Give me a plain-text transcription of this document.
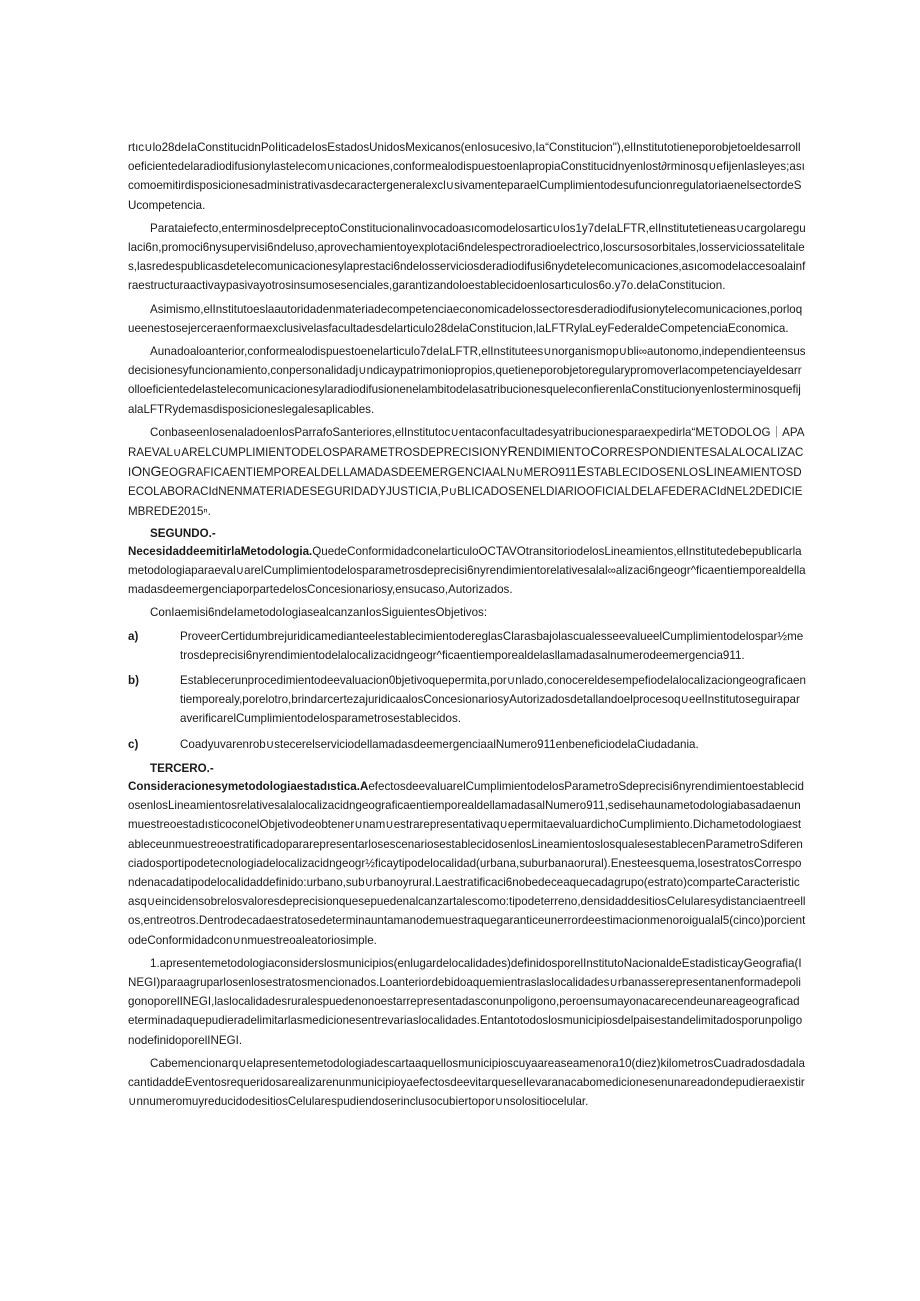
rtıc∪lo28deIaConstitucidnPoIiticadeIosEstadosUnidosMexicanos(enIosucesivo,Ia“Constitucion"),elInstitutotieneporobjetoeldesarrolloeficientedelaradiodifusionylastelecom∪nicaciones,conformealodispuestoenlapropiaConstitucidnyenlost∂rminosq∪efijenlasleyes;asıcomoemitirdisposicionesadministrativasdecaractergeneralexcl∪sivamenteparaelCumplimientodesufuncionregulatoriaenelsectordeSUcompetencia.

Parataiefecto,enterminosdelpreceptoConstitucionalinvocadoasıcomodelosartic∪los1y7deIaLFTR,elInstitutetieneas∪cargolaregulaci6n,promoci6nysupervisi6ndeluso,aprovechamientoyexplotaci6ndelespectroradioelectrico,loscursosorbitales,losserviciossatelitales,lasredespublicasdetelecomunicacionesylaprestaci6ndelosserviciosderadiodifusi6nydetelecomunicaciones,asıcomodelaccesoalainfraestructuraactivaypasivayotrosinsumosesenciales,garantizandoloestablecidoenlosartıculos6o.y7o.delaConstitucion.

Asimismo,elInstitutoeslaautoridadenmateriadecompetenciaeconomicadelossectoresderadiodifusionytelecomunicaciones,porloqueenestosejerceraenformaexclusivelasfacultadesdelarticulo28delaConstitucion,laLFTRylaLeyFederaldeCompetenciaEconomica.

Aunadoaloanterior,conformealodispuestoenelarticulo7deIaLFTR,elInstitutees∪norganismop∪bli∞autonomo,independienteensusdecisionesyfuncionamiento,conpersonalidadj∪ndicaypatrimoniopropios,quetieneporobjetoregularypromoverlacompetenciayeldesarrolloeficientedelastelecomunicacionesylaradiodifusionenelambitodelasatribucionesqueleconfierenlaConstitucionyenlosterminosquefijalaLFTRydemasdisposicioneslegalesaplicables.

ConbaseenIosenaladoenIosParrafoSanteriores,elInstitutoc∪entaconfacultadesyatribucionesparaexpedirla“METODOLOG｜APARAEVAL∪ARELCUMPLIMIENTODELOSPARAMETROSDEPRECISIONYRENDIMIENTOCORRESPONDIENTESALALOCALIZACIONGEOGRAFICAENTIEMPOREALDELLAMADASDEEMERGENCIAALN∪MERO911ESTABLECIDOSENLOSLINEAMIENTOSDECOLABORACIdNENMATERIADESEGURIDADYJUSTICIA,P∪BLICADOSENELDIARIOOFICIALDELAFEDERACIdNEL2DEDICIEMBREDE2015ⁿ.

SEGUNDO.-

NecesidaddeemitirlaMetodologia.QuedeConformidadconelarticuloOCTAVOtransitoriodelosLineamientos,elInstitutedebepublicarlametodologiaparaeval∪arelCumplimientodelosparametrosdeprecisi6nyrendimientorelativesalal∞alizaci6ngeogr^ficaentiemporealdellamadasdeemergenciaporpartedelosConcesionariosy,ensucaso,Autorizados.

ConIaemisi6ndeIametodoIogiasealcanzanIosSiguientesObjetivos:

a)	ProveerCertidumbrejuridicamedianteelestablecimientodereglasClarasbajolascualesseevalueelCumplimientodelospar½metrosdeprecisi6nyrendimientodelalocalizacidngeogr^ficaentiemporealdelasllamadasalnumerodeemergencia911.
b)	Establecerunprocedimientodeevaluacion0bjetivoquepermita,por∪nlado,conocereldesempefiodelalocalizaciongeograficaentiemporealy,porelotro,brindarcertezajuridicaalosConcesionariosyAutorizadosdetallandoelprocesoq∪eelInstitutoseguiraparaverificarelCumplimientodelosparametrosestablecidos.
c)	Coadyuvarenrob∪stecerelserviciodellamadasdeemergenciaalNumero911enbeneficiodelaCiudadania.
TERCERO.-

Consideracionesymetodologiaestadıstica.AefectosdeevaluarelCumplimientodelosParametroSdeprecisi6nyrendimientoestablecidosenlosLineamientosrelativesalalocalizacidngeograficaentiemporealdellamadasalNumero911,sedisehaunametodologiabasadaenunmuestreoestadısticoconelObjetivodeobtener∪nam∪estrarepresentativaq∪epermitaevaluardichoCumplimiento.DichametodologiaestableceunmuestreoestratificadopararepresentarlosescenariosestablecidosenlosLineamientoslosqualesestablecenParametroSdiferenciadosportipodetecnologiadelocalizacidngeogr½ficaytipodelocalidad(urbana,suburbanaorural).Enesteesquema,losestratosCorrespondenacadatipodelocalidaddefinido:urbano,sub∪rbanoyrural.Laestratificaci6nobedeceaquecadagrupo(estrato)comparteCaracteristicasq∪eincidensobrelosvaloresdeprecisionquesepuedenalcanzartalescomo:tipodeterreno,densidaddesitiosCelularesydistanciaentreellos,entreotros.Dentrodecadaestratosedeterminauntamanodemuestraquegaranticeunerrordeestimacionmenoroigualal5(cinco)porcientodeConformidadcon∪nmuestreoaleatoriosimple.

1.apresentemetodologiaconsiderslosmunicipios(enlugardelocalidades)definidosporelInstitutoNacionaldeEstadisticayGeografia(INEGI)paraagruparlosenlosestratosmencionados.Loanteriordebidoaquemientraslaslocalidades∪rbanasserepresentanenformadepoligonoporelINEGI,laslocalidadesruralespuedenonoestarrepresentadasconunpoligono,peroensumayonacarecendeunareageograficadeterminadaquepudieradelimitarlasmedicionesentrevariaslocalidades.EntantotodoslosmunicipiosdelpaisestandelimitadosporunpoligonodefinidoporelINEGI.

Cabemencionarq∪elapresentemetodologiadescartaaquellosmunicipioscuyaareaseamenora10(diez)kilometrosCuadradosdadalacantidaddeEventosrequeridosarealizarenunmunicipioyaefectosdeevitarqueseIlevaranacabomedicionesenunareadondepudieraexistir∪nnumeromuyreducidodesitiosCelularespudiendoserinclusocubiertopor∪nsolositiocelular.
